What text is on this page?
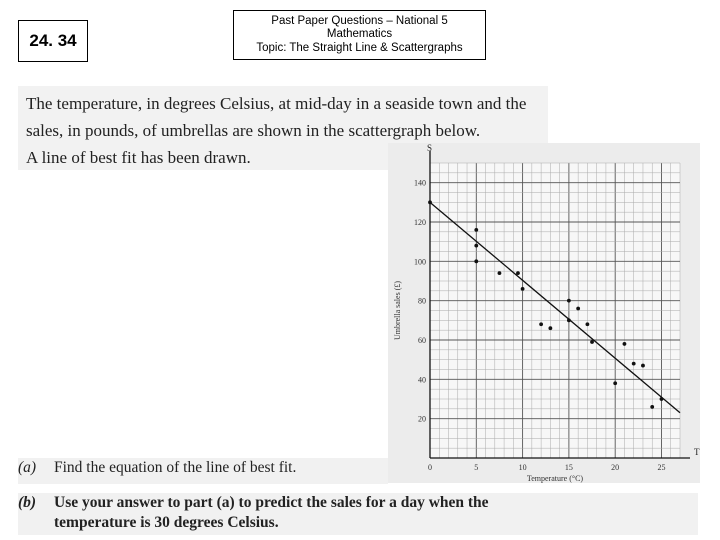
24. 34
Past Paper Questions – National 5
Mathematics
Topic: The Straight Line & Scattergraphs
The temperature, in degrees Celsius, at mid-day in a seaside town and the
sales, in pounds, of umbrellas are shown in the scattergraph below.
A line of best fit has been drawn.
0	5	10	15	20	25
20
40
60
80
100
120
140
T
S
Temperature (°C)
Umbrella sales (£)
(a) Find the equation of the line of best fit.
(b) Use your answer to part (a) to predict the sales for a day when the
temperature is 30 degrees Celsius.
